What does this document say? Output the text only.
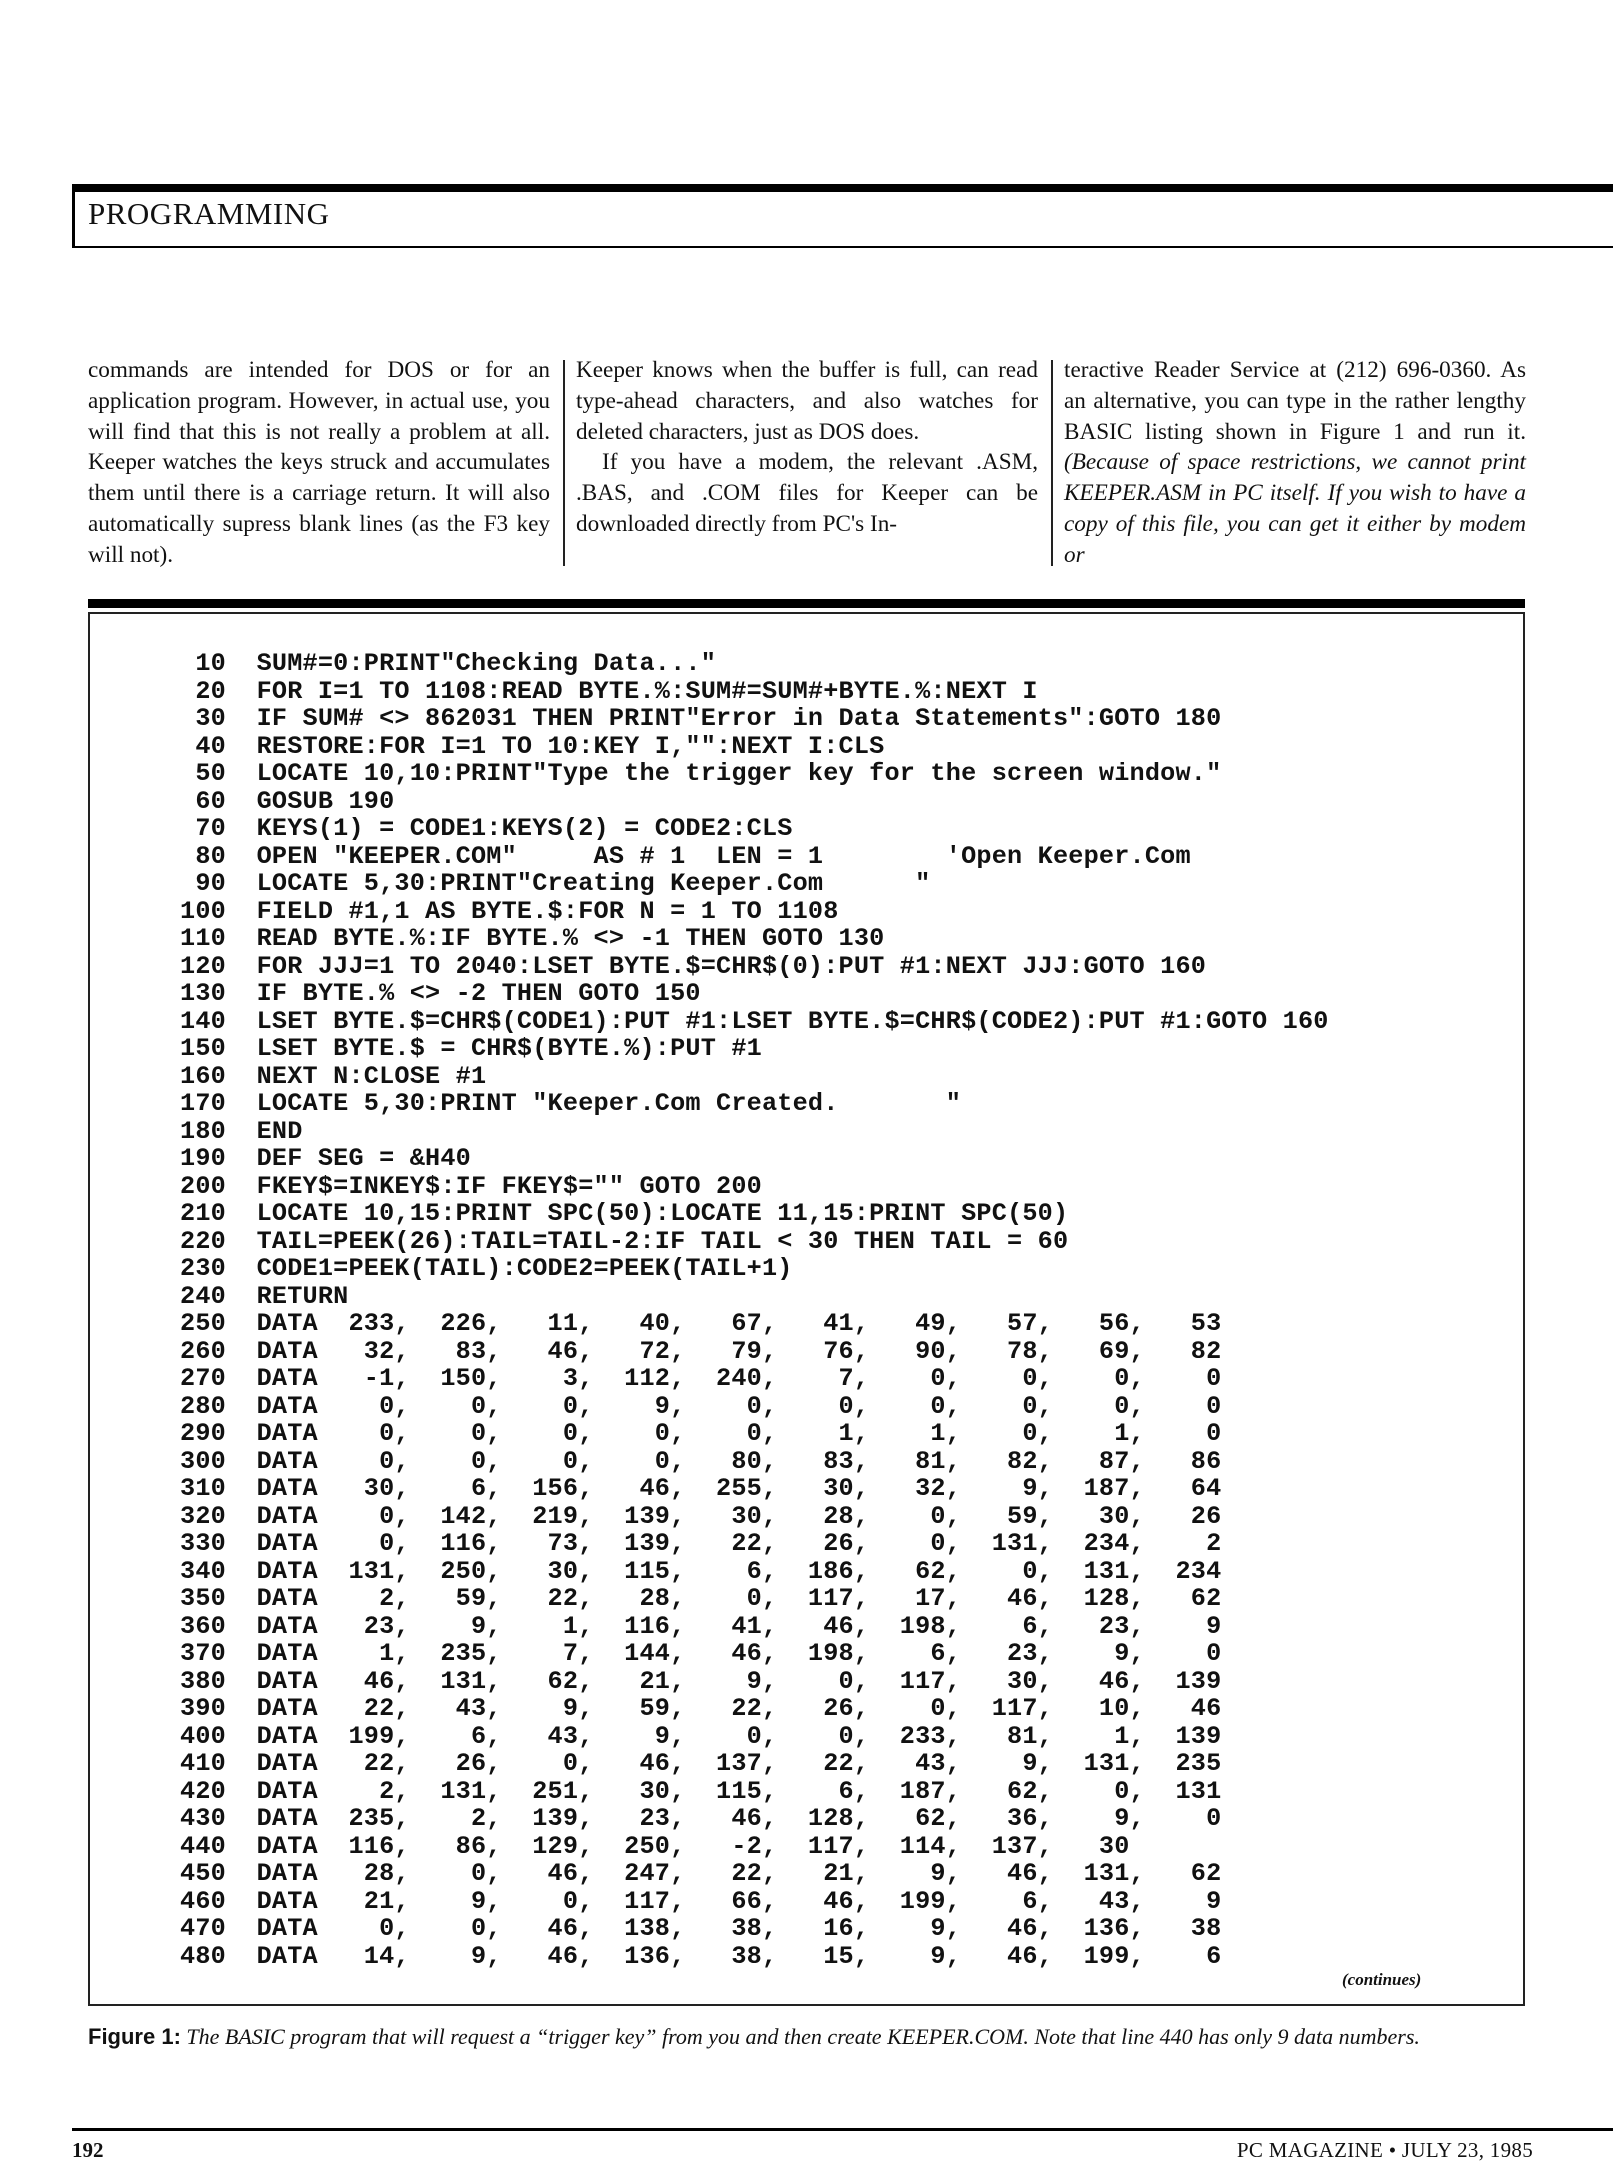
PROGRAMMING

commands are intended for DOS or for an application program. However, in actual use, you will find that this is not really a problem at all. Keeper watches the keys struck and accumulates them until there is a carriage return. It will also automatically supress blank lines (as the F3 key will not).

Keeper knows when the buffer is full, can read type-ahead characters, and also watches for deleted characters, just as DOS does.

If you have a modem, the relevant .ASM, .BAS, and .COM files for Keeper can be downloaded directly from PC's In-

teractive Reader Service at (212) 696-0360. As an alternative, you can type in the rather lengthy BASIC listing shown in Figure 1 and run it. (Because of space restrictions, we cannot print KEEPER.ASM in PC itself. If you wish to have a copy of this file, you can get it either by modem or

10  SUM#=0:PRINT"Checking Data..."
20  FOR I=1 TO 1108:READ BYTE.%:SUM#=SUM#+BYTE.%:NEXT I
30  IF SUM# <> 862031 THEN PRINT"Error in Data Statements":GOTO 180
40  RESTORE:FOR I=1 TO 10:KEY I,"":NEXT I:CLS
50  LOCATE 10,10:PRINT"Type the trigger key for the screen window."
60  GOSUB 190
70  KEYS(1) = CODE1:KEYS(2) = CODE2:CLS
80  OPEN "KEEPER.COM"     AS # 1  LEN = 1        'Open Keeper.Com
90  LOCATE 5,30:PRINT"Creating Keeper.Com      "
100  FIELD #1,1 AS BYTE.$:FOR N = 1 TO 1108
110  READ BYTE.%:IF BYTE.% <> -1 THEN GOTO 130
120  FOR JJJ=1 TO 2040:LSET BYTE.$=CHR$(0):PUT #1:NEXT JJJ:GOTO 160
130  IF BYTE.% <> -2 THEN GOTO 150
140  LSET BYTE.$=CHR$(CODE1):PUT #1:LSET BYTE.$=CHR$(CODE2):PUT #1:GOTO 160
150  LSET BYTE.$ = CHR$(BYTE.%):PUT #1
160  NEXT N:CLOSE #1
170  LOCATE 5,30:PRINT "Keeper.Com Created.       "
180  END
190  DEF SEG = &H40
200  FKEY$=INKEY$:IF FKEY$="" GOTO 200
210  LOCATE 10,15:PRINT SPC(50):LOCATE 11,15:PRINT SPC(50)
220  TAIL=PEEK(26):TAIL=TAIL-2:IF TAIL < 30 THEN TAIL = 60
230  CODE1=PEEK(TAIL):CODE2=PEEK(TAIL+1)
240  RETURN
250  DATA  233,  226,   11,   40,   67,   41,   49,   57,   56,   53
260  DATA   32,   83,   46,   72,   79,   76,   90,   78,   69,   82
270  DATA   -1,  150,    3,  112,  240,    7,    0,    0,    0,    0
280  DATA    0,    0,    0,    9,    0,    0,    0,    0,    0,    0
290  DATA    0,    0,    0,    0,    0,    1,    1,    0,    1,    0
300  DATA    0,    0,    0,    0,   80,   83,   81,   82,   87,   86
310  DATA   30,    6,  156,   46,  255,   30,   32,    9,  187,   64
320  DATA    0,  142,  219,  139,   30,   28,    0,   59,   30,   26
330  DATA    0,  116,   73,  139,   22,   26,    0,  131,  234,    2
340  DATA  131,  250,   30,  115,    6,  186,   62,    0,  131,  234
350  DATA    2,   59,   22,   28,    0,  117,   17,   46,  128,   62
360  DATA   23,    9,    1,  116,   41,   46,  198,    6,   23,    9
370  DATA    1,  235,    7,  144,   46,  198,    6,   23,    9,    0
380  DATA   46,  131,   62,   21,    9,    0,  117,   30,   46,  139
390  DATA   22,   43,    9,   59,   22,   26,    0,  117,   10,   46
400  DATA  199,    6,   43,    9,    0,    0,  233,   81,    1,  139
410  DATA   22,   26,    0,   46,  137,   22,   43,    9,  131,  235
420  DATA    2,  131,  251,   30,  115,    6,  187,   62,    0,  131
430  DATA  235,    2,  139,   23,   46,  128,   62,   36,    9,    0
440  DATA  116,   86,  129,  250,   -2,  117,  114,  137,   30
450  DATA   28,    0,   46,  247,   22,   21,    9,   46,  131,   62
460  DATA   21,    9,    0,  117,   66,   46,  199,    6,   43,    9
470  DATA    0,    0,   46,  138,   38,   16,    9,   46,  136,   38
480  DATA   14,    9,   46,  136,   38,   15,    9,   46,  199,    6
(continues)
Figure 1: The BASIC program that will request a “trigger key” from you and then create KEEPER.COM. Note that line 440 has only 9 data numbers.
192	PC MAGAZINE • JULY 23, 1985
